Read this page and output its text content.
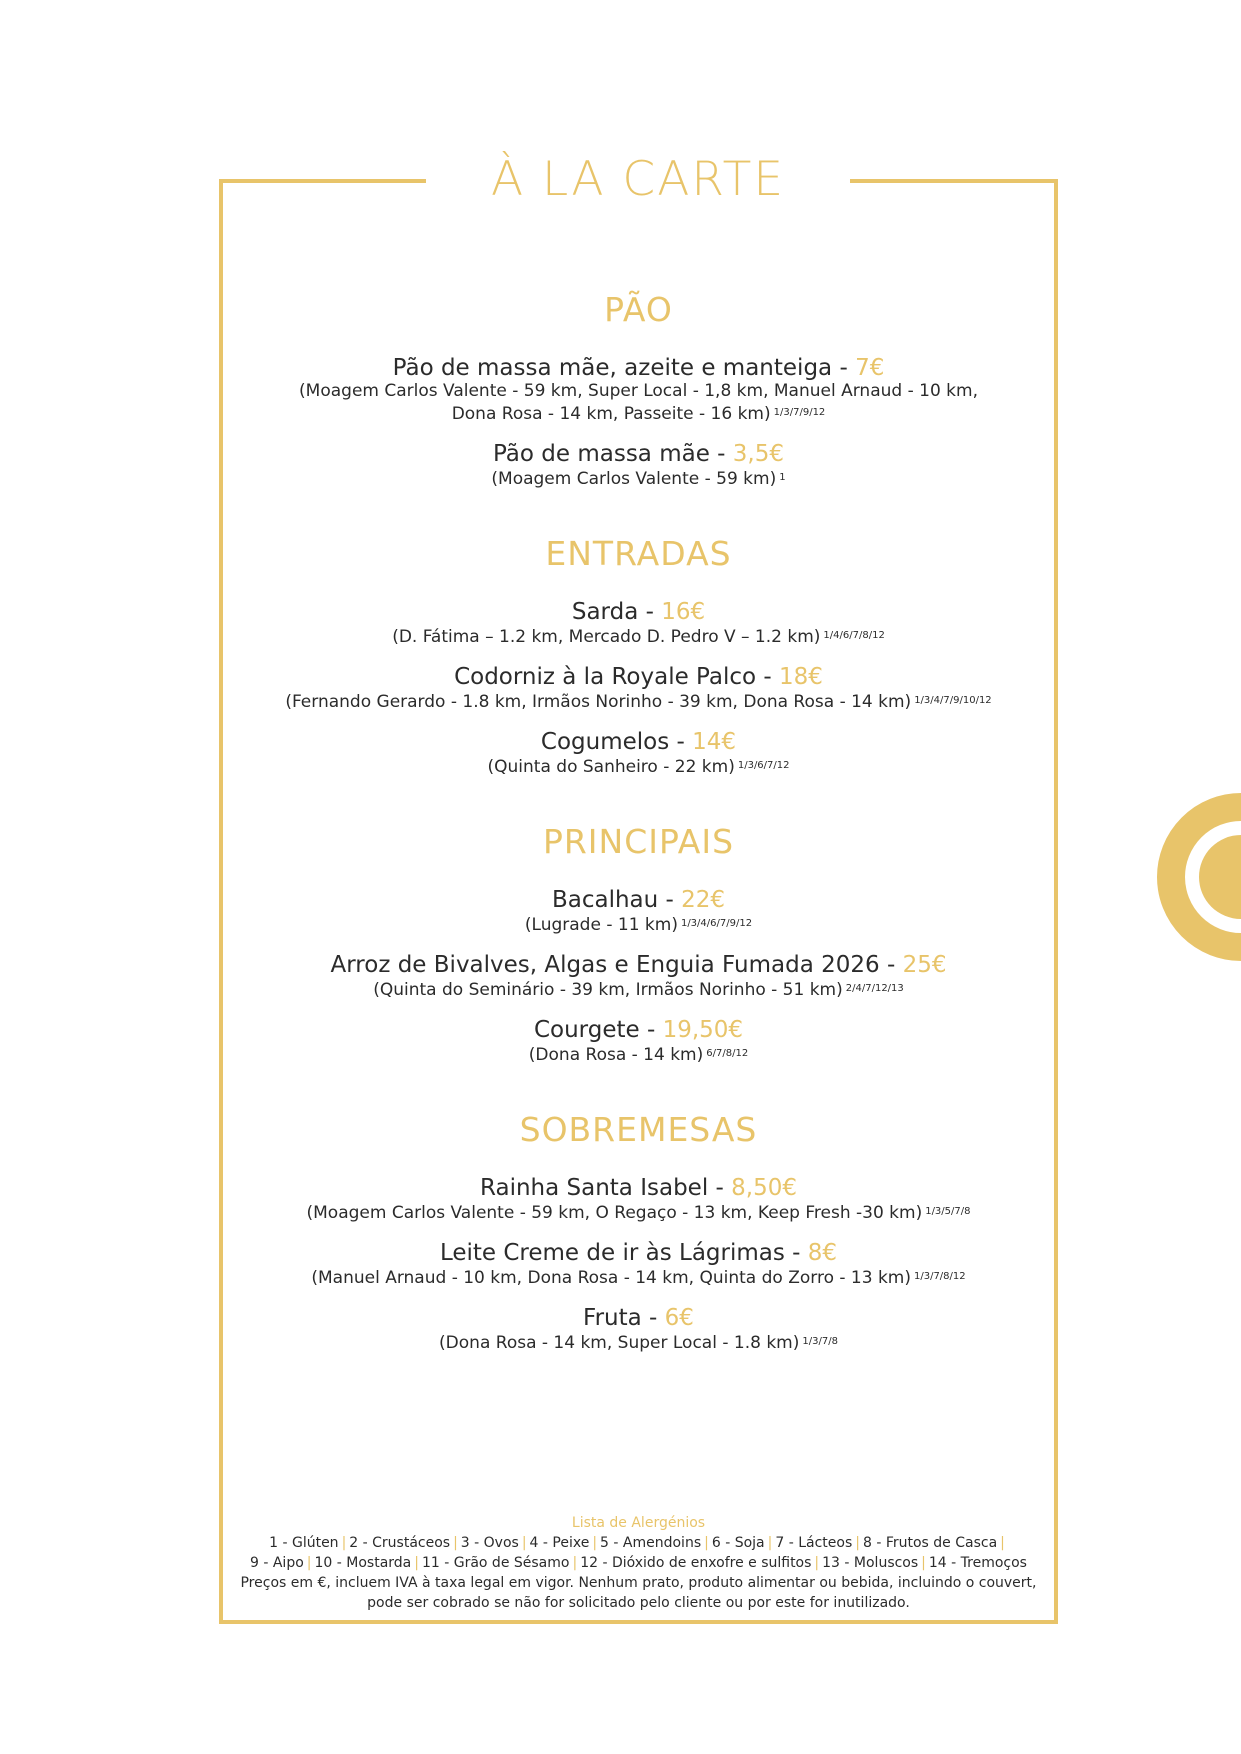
À LA CARTE
PÃO
Pão de massa mãe, azeite e manteiga - 7€
(Moagem Carlos Valente - 59 km, Super Local - 1,8 km, Manuel Arnaud - 10 km,
Dona Rosa - 14 km, Passeite - 16 km) $^{1/3/7/9/12}$
Pão de massa mãe - 3,5€
(Moagem Carlos Valente - 59 km) $^1$
ENTRADAS
Sarda - 16€
(D. Fátima – 1.2 km, Mercado D. Pedro V – 1.2 km) $^{1/4/6/7/8/12}$
Codorniz à la Royale Palco - 18€
(Fernando Gerardo - 1.8 km, Irmãos Norinho - 39 km, Dona Rosa - 14 km) $^{1/3/4/7/9/10/12}$
Cogumelos - 14€
(Quinta do Sanheiro - 22 km) $^{1/3/6/7/12}$
PRINCIPAIS
Bacalhau - 22€
(Lugrade - 11 km) $^{1/3/4/6/7/9/12}$
Arroz de Bivalves, Algas e Enguia Fumada 2026 - 25€
(Quinta do Seminário - 39 km, Irmãos Norinho - 51 km) $^{2/4/7/12/13}$
Courgete - 19,50€
(Dona Rosa - 14 km) $^{6/7/8/12}$
SOBREMESAS
Rainha Santa Isabel - 8,50€
(Moagem Carlos Valente - 59 km, O Regaço - 13 km, Keep Fresh -30 km) $^{1/3/5/7/8}$
Leite Creme de ir às Lágrimas - 8€
(Manuel Arnaud - 10 km, Dona Rosa - 14 km, Quinta do Zorro - 13 km) $^{1/3/7/8/12}$
Fruta - 6€
(Dona Rosa - 14 km, Super Local - 1.8 km) $^{1/3/7/8}$
Lista de Alergénios
1 - Glúten | 2 - Crustáceos | 3 - Ovos | 4 - Peixe | 5 - Amendoins | 6 - Soja | 7 - Lácteos | 8 - Frutos de Casca |
9 - Aipo | 10 - Mostarda | 11 - Grão de Sésamo | 12 - Dióxido de enxofre e sulfitos | 13 - Moluscos | 14 - Tremoços
Preços em €, incluem IVA à taxa legal em vigor. Nenhum prato, produto alimentar ou bebida, incluindo o couvert,
pode ser cobrado se não for solicitado pelo cliente ou por este for inutilizado.
